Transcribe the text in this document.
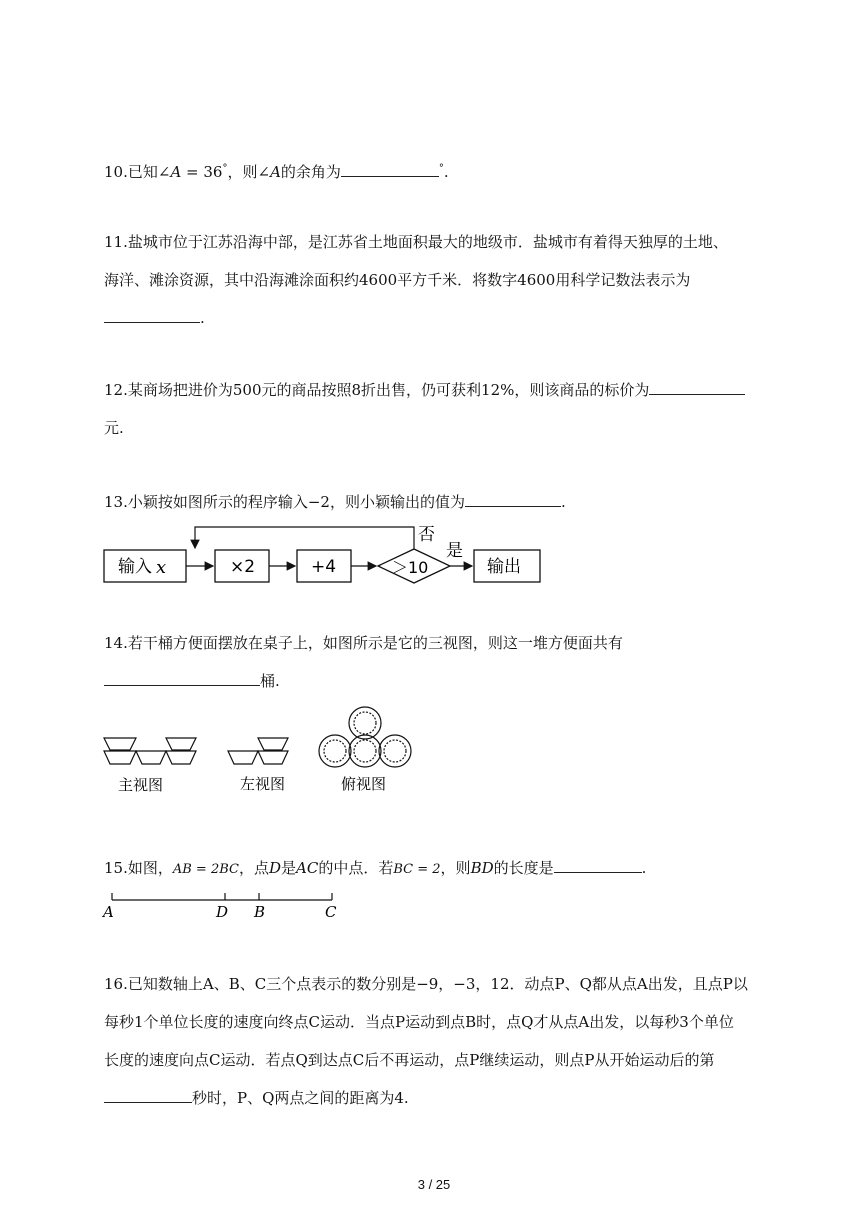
10.已知∠A = 36°，则∠A的余角为	°.
11.盐城市位于江苏沿海中部，是江苏省土地面积最大的地级市．盐城市有着得天独厚的土地、
海洋、滩涂资源，其中沿海滩涂面积约4600平方千米．将数字4600用科学记数法表示为
.
12.某商场把进价为500元的商品按照8折出售，仍可获利12%，则该商品的标价为
元.
13.小颖按如图所示的程序输入−2，则小颖输出的值为	.
输入 x	×2	+4	＞10	输出
否
是
14.若干桶方便面摆放在桌子上，如图所示是它的三视图，则这一堆方便面共有
桶.
主视图	左视图	俯视图
15.如图，AB = 2BC，点D是AC的中点．若BC = 2，则BD的长度是	.
A	D B	C
16.已知数轴上A、B、C三个点表示的数分别是−9，−3，12．动点P、Q都从点A出发，且点P以
每秒1个单位长度的速度向终点C运动．当点P运动到点B时，点Q才从点A出发，以每秒3个单位
长度的速度向点C运动．若点Q到达点C后不再运动，点P继续运动，则点P从开始运动后的第
秒时，P、Q两点之间的距离为4.
3 / 25
